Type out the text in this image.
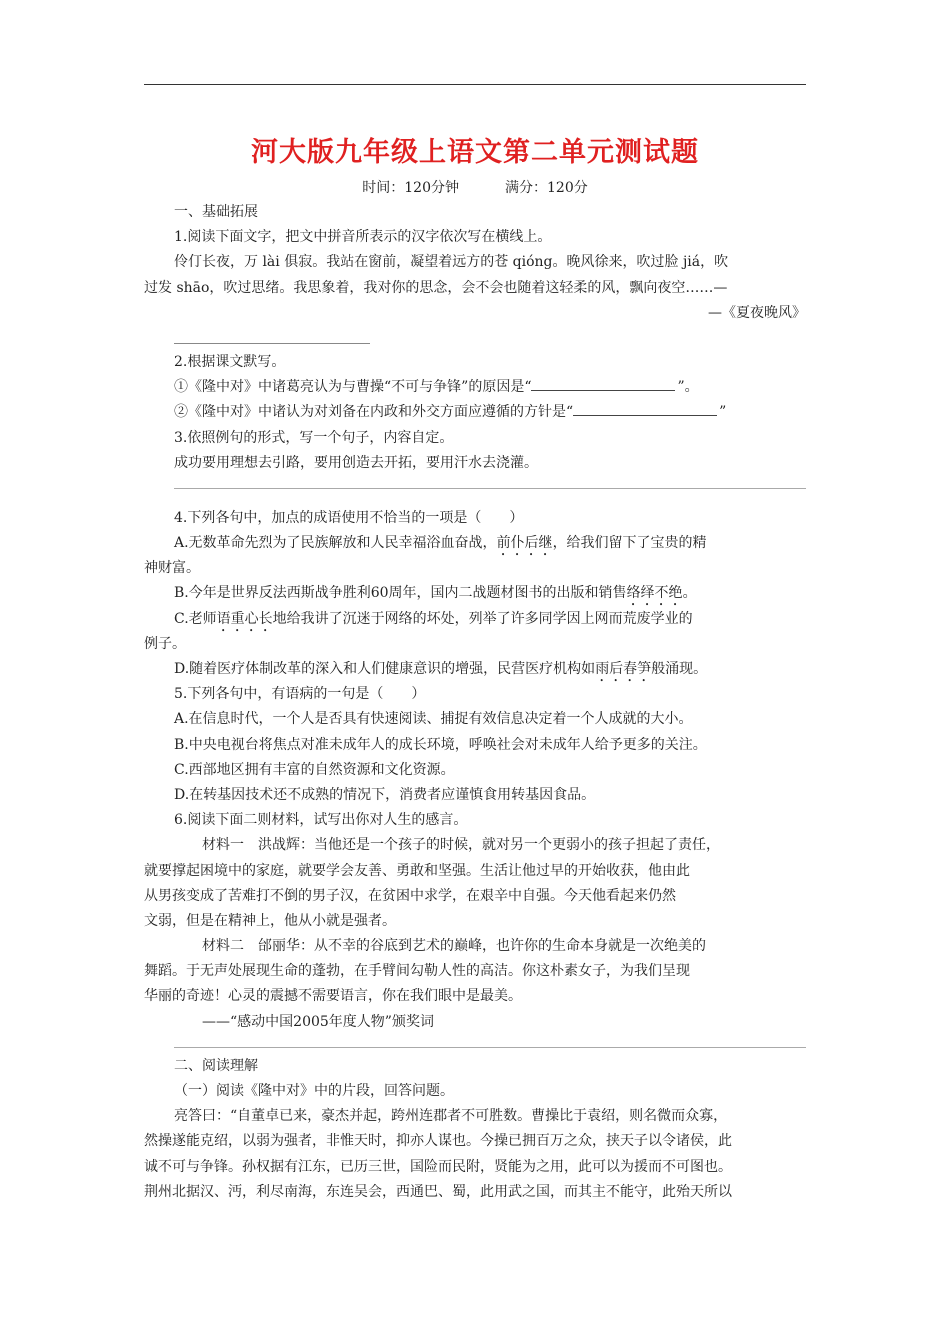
河大版九年级上语文第二单元测试题
时间：120分钟	满分：120分
一、基础拓展
1.阅读下面文字，把文中拼音所表示的汉字依次写在横线上。
伶仃长夜，万 lài 俱寂。我站在窗前，凝望着远方的苍 qióng。晚风徐来，吹过脸 jiá，吹
过发 shāo，吹过思绪。我思象着，我对你的思念，会不会也随着这轻柔的风，飘向夜空……—
—《夏夜晚风》
2.根据课文默写。
①《隆中对》中诸葛亮认为与曹操“不可与争锋”的原因是“	”。
②《隆中对》中诸认为对刘备在内政和外交方面应遵循的方针是“	”
3.依照例句的形式，写一个句子，内容自定。
成功要用理想去引路，要用创造去开拓，要用汗水去浇灌。
4.下列各句中，加点的成语使用不恰当的一项是（　　）
A.无数革命先烈为了民族解放和人民幸福浴血奋战，前仆后继，给我们留下了宝贵的精
神财富。
B.今年是世界反法西斯战争胜利60周年，国内二战题材图书的出版和销售络绎不绝。
C.老师语重心长地给我讲了沉迷于网络的坏处，列举了许多同学因上网而荒废学业的
例子。
D.随着医疗体制改革的深入和人们健康意识的增强，民营医疗机构如雨后春笋般涌现。
5.下列各句中，有语病的一句是（　　）
A.在信息时代，一个人是否具有快速阅读、捕捉有效信息决定着一个人成就的大小。
B.中央电视台将焦点对准未成年人的成长环境，呼唤社会对未成年人给予更多的关注。
C.西部地区拥有丰富的自然资源和文化资源。
D.在转基因技术还不成熟的情况下，消费者应谨慎食用转基因食品。
6.阅读下面二则材料，试写出你对人生的感言。
材料一　洪战辉：当他还是一个孩子的时候，就对另一个更弱小的孩子担起了责任，
就要撑起困境中的家庭，就要学会友善、勇敢和坚强。生活让他过早的开始收获，他由此
从男孩变成了苦难打不倒的男子汉，在贫困中求学，在艰辛中自强。今天他看起来仍然
文弱，但是在精神上，他从小就是强者。
材料二　邰丽华：从不幸的谷底到艺术的巅峰，也许你的生命本身就是一次绝美的
舞蹈。于无声处展现生命的蓬勃，在手臂间勾勒人性的高洁。你这朴素女子，为我们呈现
华丽的奇迹！心灵的震撼不需要语言，你在我们眼中是最美。
——“感动中国2005年度人物”颁奖词
二、阅读理解
（一）阅读《隆中对》中的片段，回答问题。
亮答曰：“自董卓已来，豪杰并起，跨州连郡者不可胜数。曹操比于袁绍，则名微而众寡，
然操遂能克绍，以弱为强者，非惟天时，抑亦人谋也。今操已拥百万之众，挟天子以令诸侯，此
诚不可与争锋。孙权据有江东，已历三世，国险而民附，贤能为之用，此可以为援而不可图也。
荆州北据汉、沔，利尽南海，东连吴会，西通巴、蜀，此用武之国，而其主不能守，此殆天所以
